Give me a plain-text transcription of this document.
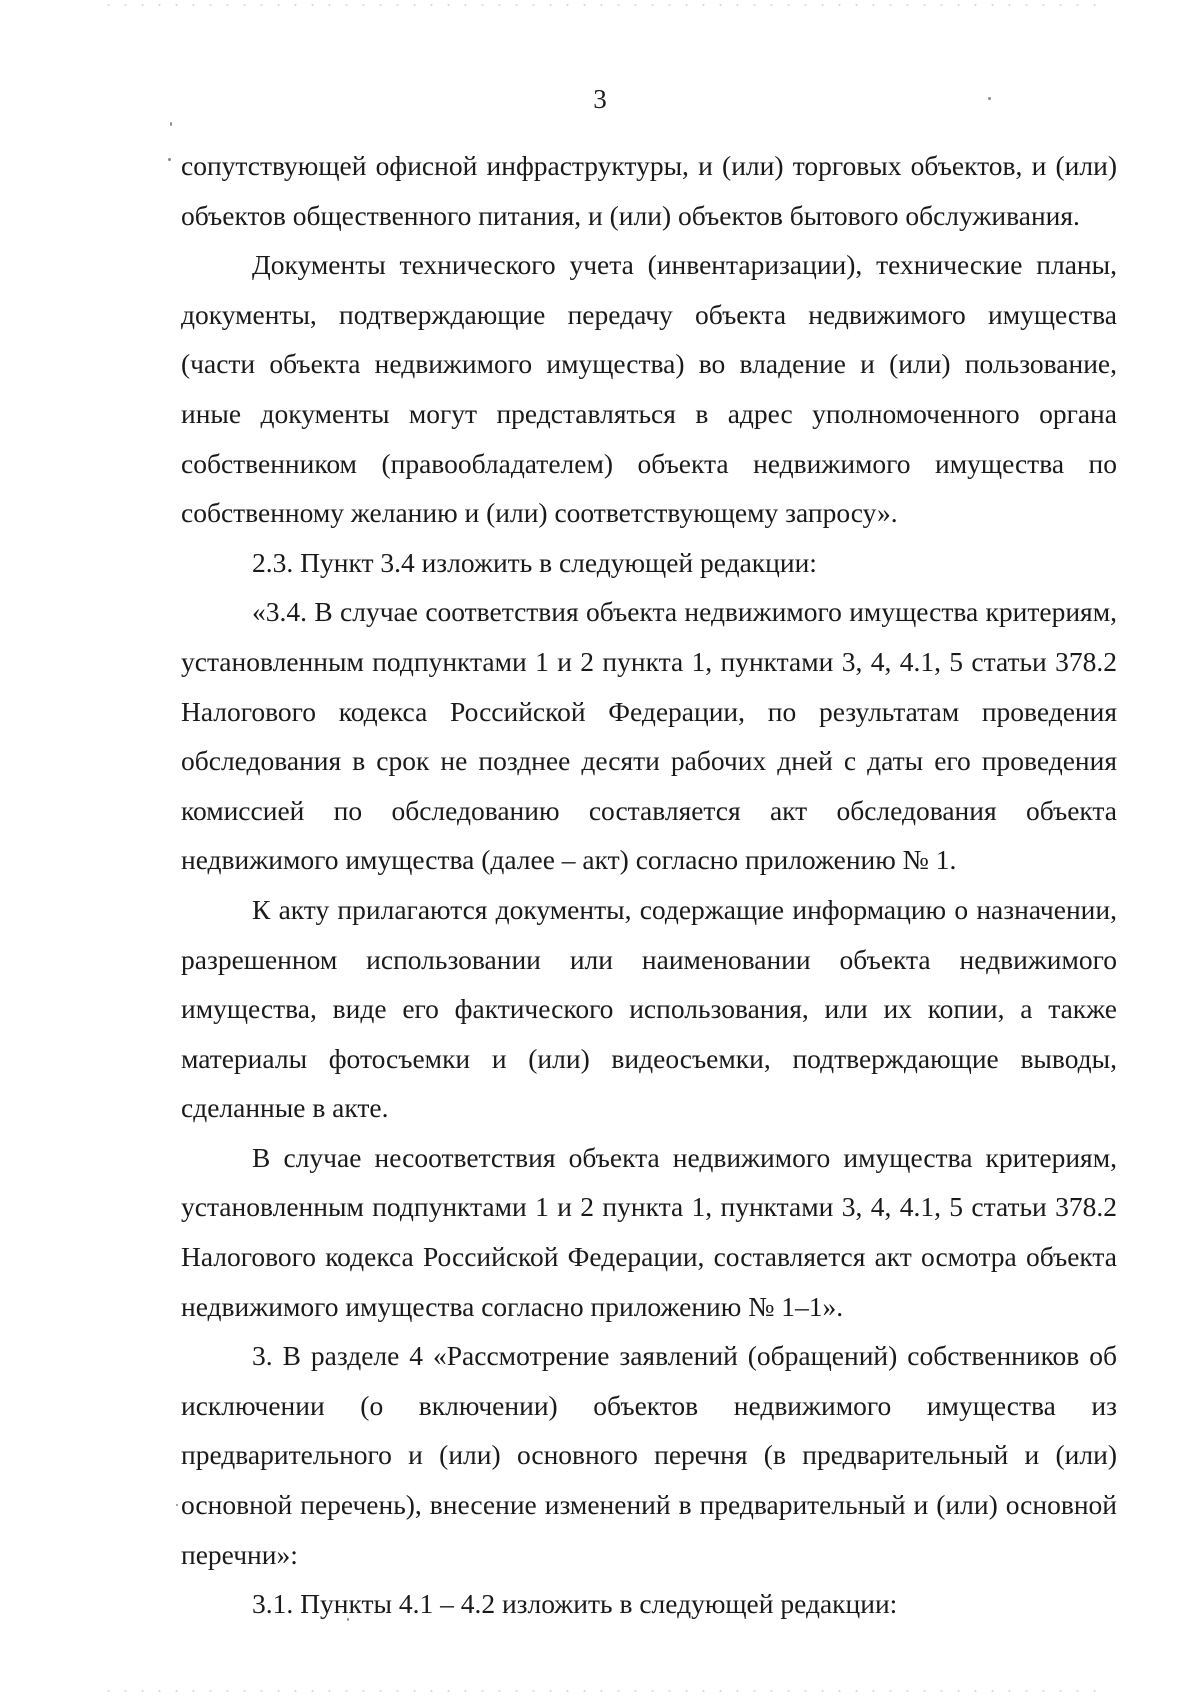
3

сопутствующей офисной инфраструктуры, и (или) торговых объектов, и (или) объектов общественного питания, и (или) объектов бытового обслуживания.

Документы технического учета (инвентаризации), технические планы, документы, подтверждающие передачу объекта недвижимого имущества (части объекта недвижимого имущества) во владение и (или) пользование, иные документы могут представляться в адрес уполномоченного органа собственником (правообладателем) объекта недвижимого имущества по собственному желанию и (или) соответствующему запросу».

2.3. Пункт 3.4 изложить в следующей редакции:

«3.4. В случае соответствия объекта недвижимого имущества критериям, установленным подпунктами 1 и 2 пункта 1, пунктами 3, 4, 4.1, 5 статьи 378.2 Налогового кодекса Российской Федерации, по результатам проведения обследования в срок не позднее десяти рабочих дней с даты его проведения комиссией по обследованию составляется акт обследования объекта недвижимого имущества (далее – акт) согласно приложению № 1.

К акту прилагаются документы, содержащие информацию о назначении, разрешенном использовании или наименовании объекта недвижимого имущества, виде его фактического использования, или их копии, а также материалы фотосъемки и (или) видеосъемки, подтверждающие выводы, сделанные в акте.

В случае несоответствия объекта недвижимого имущества критериям, установленным подпунктами 1 и 2 пункта 1, пунктами 3, 4, 4.1, 5 статьи 378.2 Налогового кодекса Российской Федерации, составляется акт осмотра объекта недвижимого имущества согласно приложению № 1–1».

3. В разделе 4 «Рассмотрение заявлений (обращений) собственников об исключении (о включении) объектов недвижимого имущества из предварительного и (или) основного перечня (в предварительный и (или) основной перечень), внесение изменений в предварительный и (или) основной перечни»:

3.1. Пункты 4.1 – 4.2 изложить в следующей редакции:
